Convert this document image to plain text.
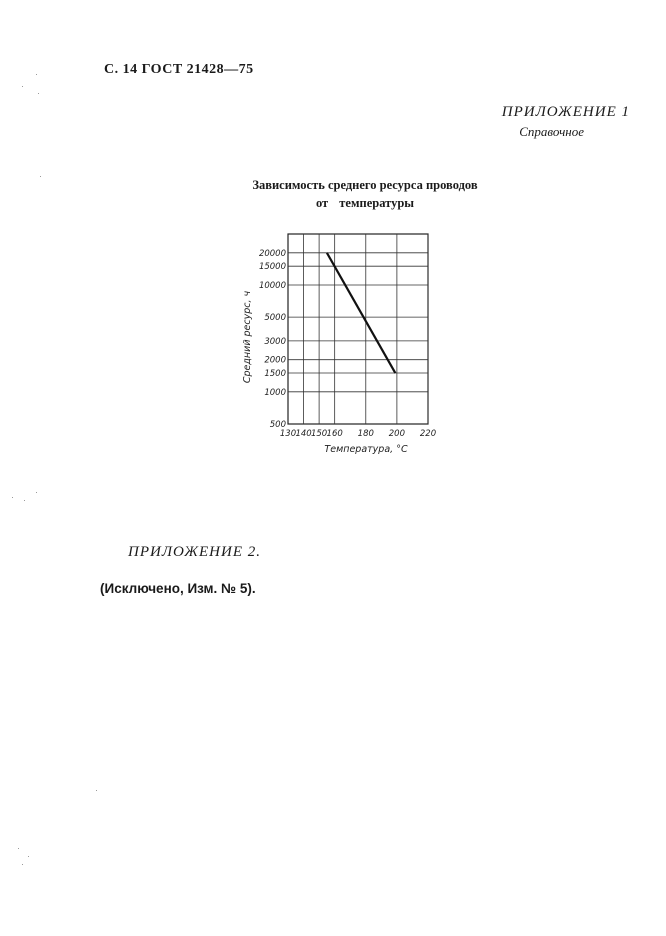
С. 14 ГОСТ 21428—75
ПРИЛОЖЕНИЕ 1
Справочное
Зависимость среднего ресурса проводов
от температуры
130 140 150 160 180 200 220
500
1000
1500
2000
3000
5000
10000
15000
20000
Температура, °С
Средний ресурс, ч
ПРИЛОЖЕНИЕ 2.
(Исключено, Изм. № 5).
